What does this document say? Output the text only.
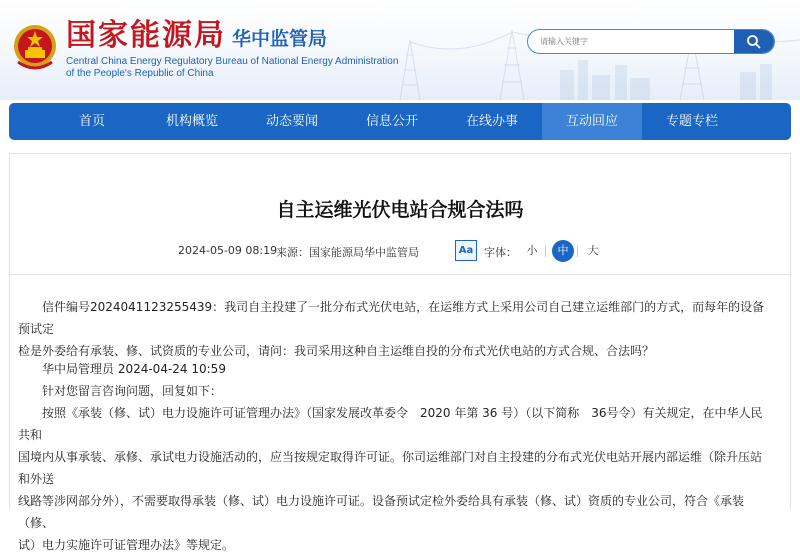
国家能源局 华中监管局
Central China Energy Regulatory Bureau of National Energy Administration
of the People's Republic of China
请输入关键字
首页	机构概览	动态要闻	信息公开	在线办事	互动回应	专题专栏
自主运维光伏电站合规合法吗
2024-05-09 08:19
来源：国家能源局华中监管局	Aa 字体： 小	中	大
信件编号2024041123255439：我司自主投建了一批分布式光伏电站，在运维方式上采用公司自己建立运维部门的方式，而每年的设备预试定
检是外委给有承装、修、试资质的专业公司，请问：我司采用这种自主运维自投的分布式光伏电站的方式合规、合法吗？
华中局管理员 2024-04-24 10:59
针对您留言咨询问题，回复如下：
按照《承装（修、试）电力设施许可证管理办法》（国家发展改革委令　2020 年第 36 号）（以下简称　36号令）有关规定，在中华人民共和
国境内从事承装、承修、承试电力设施活动的，应当按规定取得许可证。你司运维部门对自主投建的分布式光伏电站开展内部运维（除升压站和外送
线路等涉网部分外），不需要取得承装（修、试）电力设施许可证。设备预试定检外委给具有承装（修、试）资质的专业公司，符合《承装（修、
试）电力实施许可证管理办法》等规定。
